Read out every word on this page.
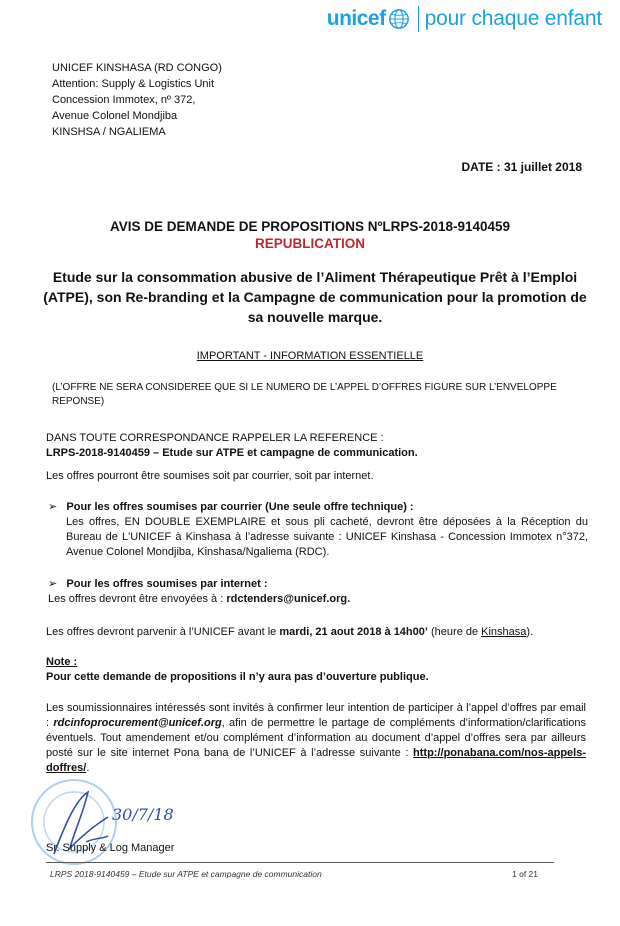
unicef pour chaque enfant
UNICEF KINSHASA (RD CONGO)
Attention: Supply & Logistics Unit
Concession Immotex, nº 372,
Avenue Colonel Mondjiba
KINSHSA / NGALIEMA
DATE : 31 juillet 2018
AVIS DE DEMANDE DE PROPOSITIONS NºLRPS-2018-9140459
REPUBLICATION
Etude sur la consommation abusive de l’Aliment Thérapeutique Prêt à l’Emploi (ATPE), son Re-branding et la Campagne de communication pour la promotion de sa nouvelle marque.
IMPORTANT - INFORMATION ESSENTIELLE
(L’OFFRE NE SERA CONSIDEREE QUE SI LE NUMERO DE L’APPEL D’OFFRES FIGURE SUR L’ENVELOPPE REPONSE)
DANS TOUTE CORRESPONDANCE RAPPELER LA REFERENCE :
LRPS-2018-9140459 – Etude sur ATPE et campagne de communication.
Les offres pourront être soumises soit par courrier, soit par internet.
➢ Pour les offres soumises par courrier (Une seule offre technique) :
Les offres, EN DOUBLE EXEMPLAIRE et sous pli cacheté, devront être déposées à la Réception du Bureau de L'UNICEF à Kinshasa à l’adresse suivante : UNICEF Kinshasa - Concession Immotex n°372, Avenue Colonel Mondjiba, Kinshasa/Ngaliema (RDC).
➢ Pour les offres soumises par internet :
Les offres devront être envoyées à : rdctenders@unicef.org.
Les offres devront parvenir à l’UNICEF avant le mardi, 21 aout 2018 à 14h00’ (heure de Kinshasa).
Note :
Pour cette demande de propositions il n’y aura pas d’ouverture publique.
Les soumissionnaires intéressés sont invités à confirmer leur intention de participer à l’appel d’offres par email : rdcinfoprocurement@unicef.org, afin de permettre le partage de compléments d’information/clarifications éventuels. Tout amendement et/ou complément d’information au document d’appel d’offres sera par ailleurs posté sur le site internet Pona bana de l’UNICEF à l’adresse suivante : http://ponabana.com/nos-appels-doffres/.
30/7/18
Sr. Supply & Log Manager
LRPS 2018-9140459 – Etude sur ATPE et campagne de communication	1 of 21
